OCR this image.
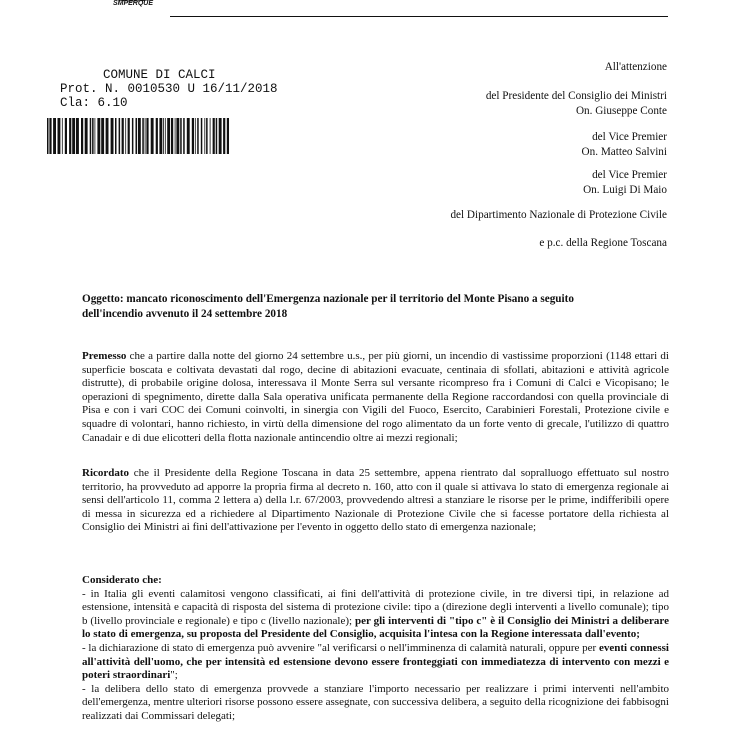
SMPERQUE
COMUNE DI CALCI
Prot. N. 0010530 U 16/11/2018
Cla: 6.10
All'attenzione
del Presidente del Consiglio dei Ministri
On. Giuseppe Conte
del Vice Premier
On. Matteo Salvini
del Vice Premier
On. Luigi Di Maio
del Dipartimento Nazionale di Protezione Civile
e p.c. della Regione Toscana
Oggetto: mancato riconoscimento dell'Emergenza nazionale per il territorio del Monte Pisano a seguito
dell'incendio avvenuto il 24 settembre 2018

Premesso che a partire dalla notte del giorno 24 settembre u.s., per più giorni, un incendio di vastissime proporzioni (1148 ettari di superficie boscata e coltivata devastati dal rogo, decine di abitazioni evacuate, centinaia di sfollati, abitazioni e attività agricole distrutte), di probabile origine dolosa, interessava il Monte Serra sul versante ricompreso fra i Comuni di Calci e Vicopisano; le operazioni di spegnimento, dirette dalla Sala operativa unificata permanente della Regione raccordandosi con quella provinciale di Pisa e con i vari COC dei Comuni coinvolti, in sinergia con Vigili del Fuoco, Esercito, Carabinieri Forestali, Protezione civile e squadre di volontari, hanno richiesto, in virtù della dimensione del rogo alimentato da un forte vento di grecale, l'utilizzo di quattro Canadair e di due elicotteri della flotta nazionale antincendio oltre ai mezzi regionali;

Ricordato che il Presidente della Regione Toscana in data 25 settembre, appena rientrato dal sopralluogo effettuato sul nostro territorio, ha provveduto ad apporre la propria firma al decreto n. 160, atto con il quale si attivava lo stato di emergenza regionale ai sensi dell'articolo 11, comma 2 lettera a) della l.r. 67/2003, provvedendo altresì a stanziare le risorse per le prime, indifferibili opere di messa in sicurezza ed a richiedere al Dipartimento Nazionale di Protezione Civile che si facesse portatore della richiesta al Consiglio dei Ministri ai fini dell'attivazione per l'evento in oggetto dello stato di emergenza nazionale;

Considerato che:

- in Italia gli eventi calamitosi vengono classificati, ai fini dell'attività di protezione civile, in tre diversi tipi, in relazione ad estensione, intensità e capacità di risposta del sistema di protezione civile: tipo a (direzione degli interventi a livello comunale); tipo b (livello provinciale e regionale) e tipo c (livello nazionale); per gli interventi di "tipo c" è il Consiglio dei Ministri a deliberare lo stato di emergenza, su proposta del Presidente del Consiglio, acquisita l'intesa con la Regione interessata dall'evento;

- la dichiarazione di stato di emergenza può avvenire "al verificarsi o nell'imminenza di calamità naturali, oppure per eventi connessi all'attività dell'uomo, che per intensità ed estensione devono essere fronteggiati con immediatezza di intervento con mezzi e poteri straordinari";

- la delibera dello stato di emergenza provvede a stanziare l'importo necessario per realizzare i primi interventi nell'ambito dell'emergenza, mentre ulteriori risorse possono essere assegnate, con successiva delibera, a seguito della ricognizione dei fabbisogni realizzati dai Commissari delegati;
